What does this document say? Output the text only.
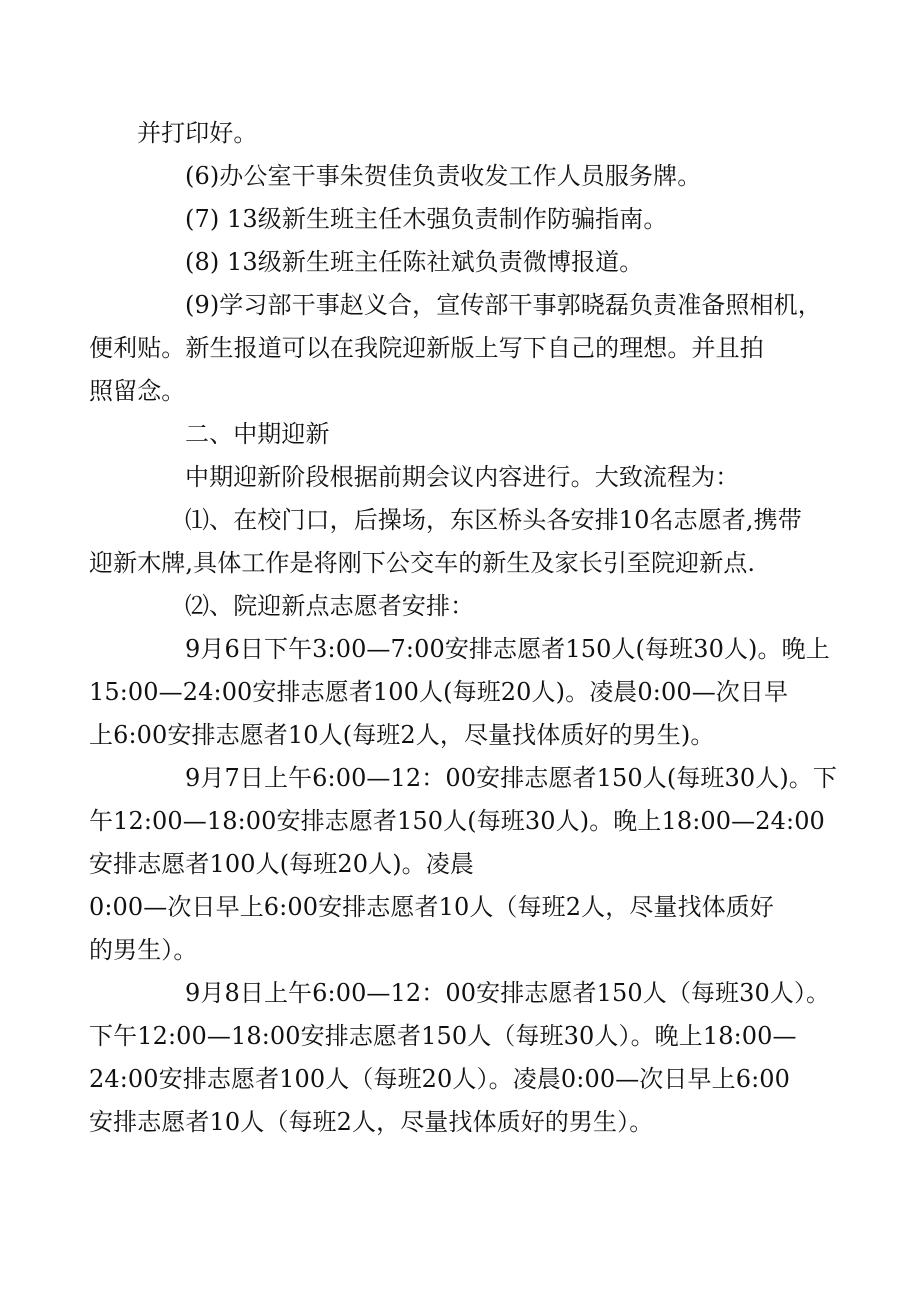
并打印好。

(6)办公室干事朱贺佳负责收发工作人员服务牌。

(7) 13级新生班主任木强负责制作防骗指南。

(8) 13级新生班主任陈社斌负责微博报道。

(9)学习部干事赵义合，宣传部干事郭晓磊负责准备照相机，
便利贴。新生报道可以在我院迎新版上写下自己的理想。并且拍
照留念。

二、中期迎新

中期迎新阶段根据前期会议内容进行。大致流程为：

⑴、在校门口，后操场，东区桥头各安排10名志愿者,携带
迎新木牌,具体工作是将刚下公交车的新生及家长引至院迎新点.

⑵、院迎新点志愿者安排：

9月6日下午3:00—7:00安排志愿者150人(每班30人)。晚上
15:00—24:00安排志愿者100人(每班20人)。凌晨0:00—次日早
上6:00安排志愿者10人(每班2人，尽量找体质好的男生)。

9月7日上午6:00—12：00安排志愿者150人(每班30人)。下
午12:00—18:00安排志愿者150人(每班30人)。晚上18:00—24:00
安排志愿者100人(每班20人)。凌晨
0:00—次日早上6:00安排志愿者10人（每班2人，尽量找体质好
的男生）。

9月8日上午6:00—12：00安排志愿者150人（每班30人）。
下午12:00—18:00安排志愿者150人（每班30人）。晚上18:00—
24:00安排志愿者100人（每班20人）。凌晨0:00—次日早上6:00
安排志愿者10人（每班2人，尽量找体质好的男生）。
